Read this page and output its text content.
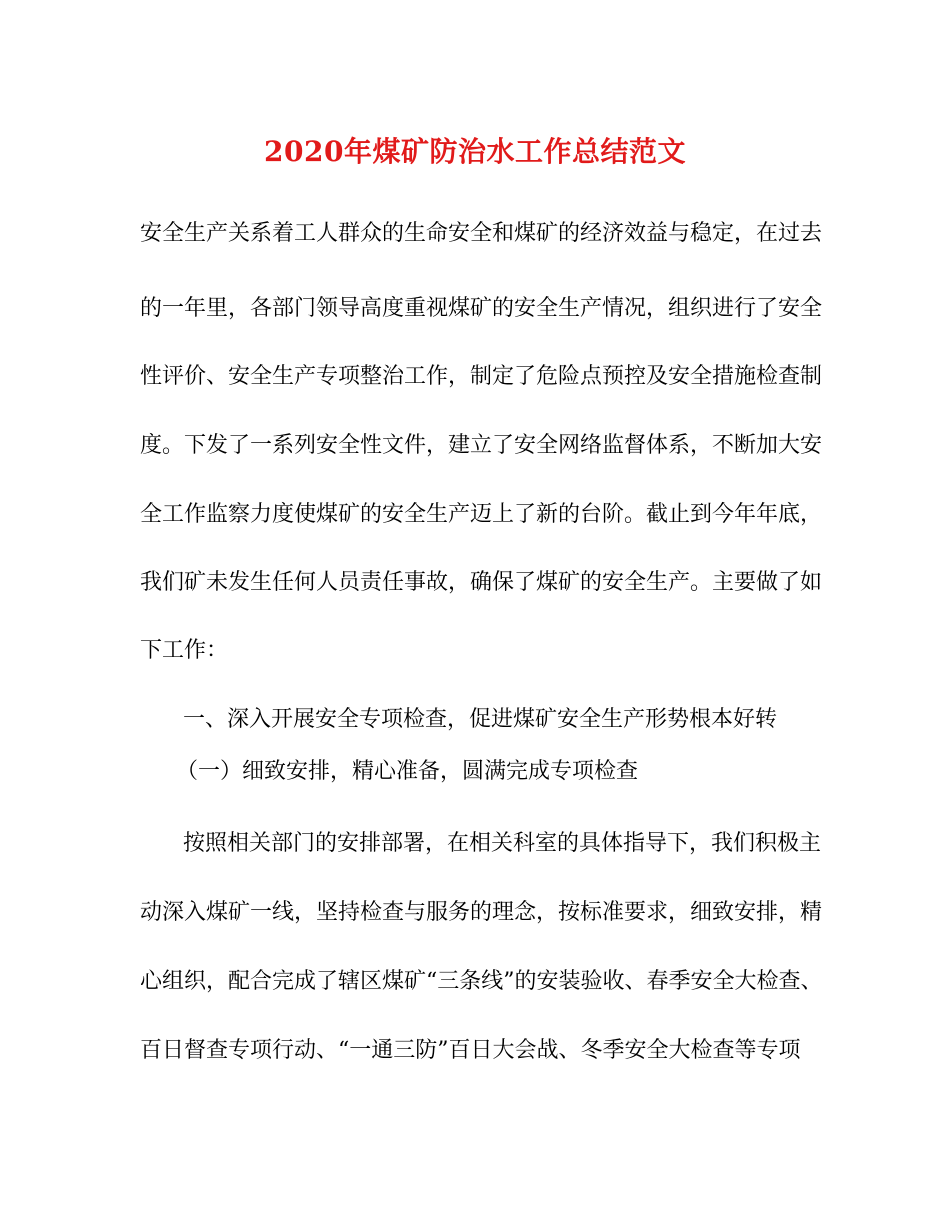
2020年煤矿防治水工作总结范文

安全生产关系着工人群众的生命安全和煤矿的经济效益与稳定，在过去

的一年里，各部门领导高度重视煤矿的安全生产情况，组织进行了安全

性评价、安全生产专项整治工作，制定了危险点预控及安全措施检查制

度。下发了一系列安全性文件，建立了安全网络监督体系，不断加大安

全工作监察力度使煤矿的安全生产迈上了新的台阶。截止到今年年底，

我们矿未发生任何人员责任事故，确保了煤矿的安全生产。主要做了如

下工作：

一、深入开展安全专项检查，促进煤矿安全生产形势根本好转

（一）细致安排，精心准备，圆满完成专项检查

按照相关部门的安排部署，在相关科室的具体指导下，我们积极主

动深入煤矿一线，坚持检查与服务的理念，按标准要求，细致安排，精

心组织，配合完成了辖区煤矿“三条线”的安装验收、春季安全大检查、

百日督查专项行动、“一通三防”百日大会战、冬季安全大检查等专项
